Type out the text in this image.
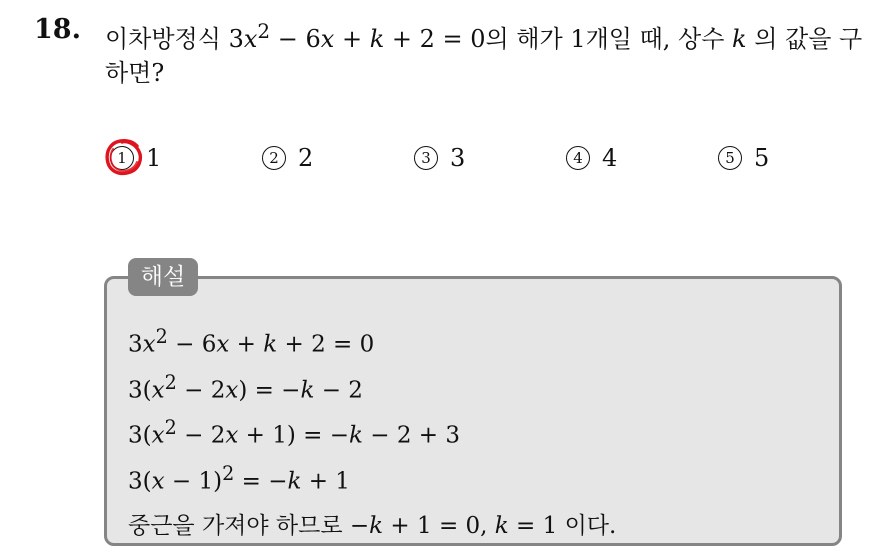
18. 이차방정식 $3x^2 - 6x + k + 2 = 0$의 해가 1개일 때, 상수 k 의 값을 구하면?
1 1	2 2	3 3	4 4	5 5
해설
$3x^2 - 6x + k + 2 = 0$
$3(x^2 - 2x) = -k - 2$
$3(x^2 - 2x + 1) = -k - 2 + 3$
$3(x - 1)^2 = -k + 1$
중근을 가져야 하므로 −k + 1 = 0, k = 1 이다.
